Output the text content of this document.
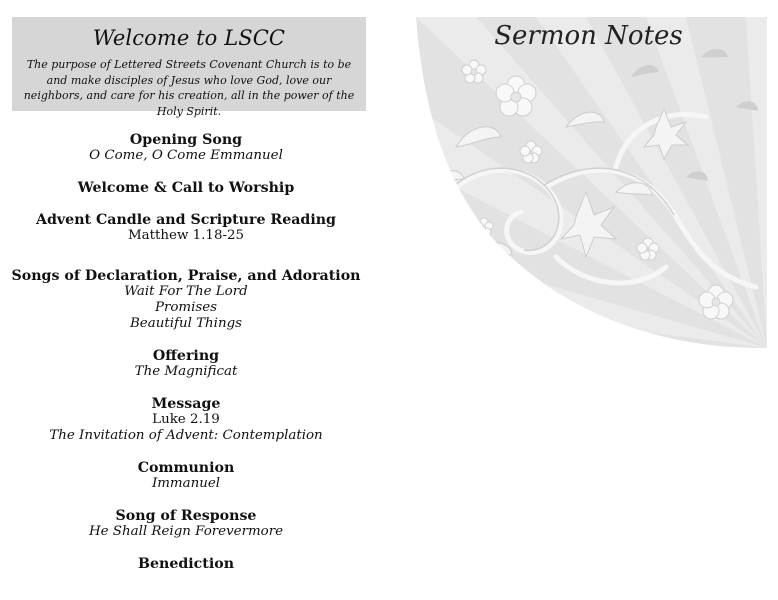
Welcome to LSCC
The purpose of Lettered Streets Covenant Church is to be and make disciples of Jesus who love God, love our neighbors, and care for his creation, all in the power of the Holy Spirit.
Opening Song
O Come, O Come Emmanuel
Welcome & Call to Worship
Advent Candle and Scripture Reading
Matthew 1.18-25
Songs of Declaration, Praise, and Adoration
Wait For The Lord
Promises
Beautiful Things
Offering
The Magnificat
Message
Luke 2.19
The Invitation of Advent: Contemplation
Communion
Immanuel
Song of Response
He Shall Reign Forevermore
Benediction
Sermon Notes
